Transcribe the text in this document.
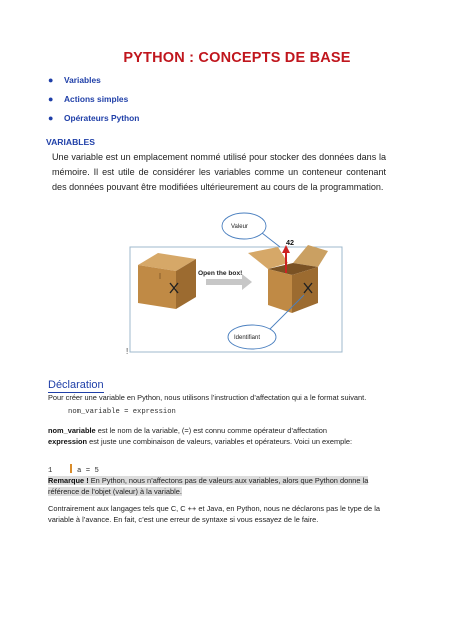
PYTHON : CONCEPTS DE BASE
● Variables
● Actions simples
● Opérateurs Python
VARIABLES
Une variable est un emplacement nommé utilisé pour stocker des données dans la mémoire. Il est utile de considérer les variables comme un conteneur contenant des données pouvant être modifiées ultérieurement au cours de la programmation.
Open the box!
42
Valeur
Identifiant
!
Déclaration
Pour créer une variable en Python, nous utilisons l’instruction d’affectation qui a le format suivant.
nom_variable = expression
nom_variable est le nom de la variable, (=) est connu comme opérateur d’affectation
expression est juste une combinaison de valeurs, variables et opérateurs. Voici un exemple:
1	a = 5
Remarque ! En Python, nous n’affectons pas de valeurs aux variables, alors que Python donne la référence de l’objet (valeur) à la variable.
Contrairement aux langages tels que C, C ++ et Java, en Python, nous ne déclarons pas le type de la variable à l’avance. En fait, c’est une erreur de syntaxe si vous essayez de le faire.
